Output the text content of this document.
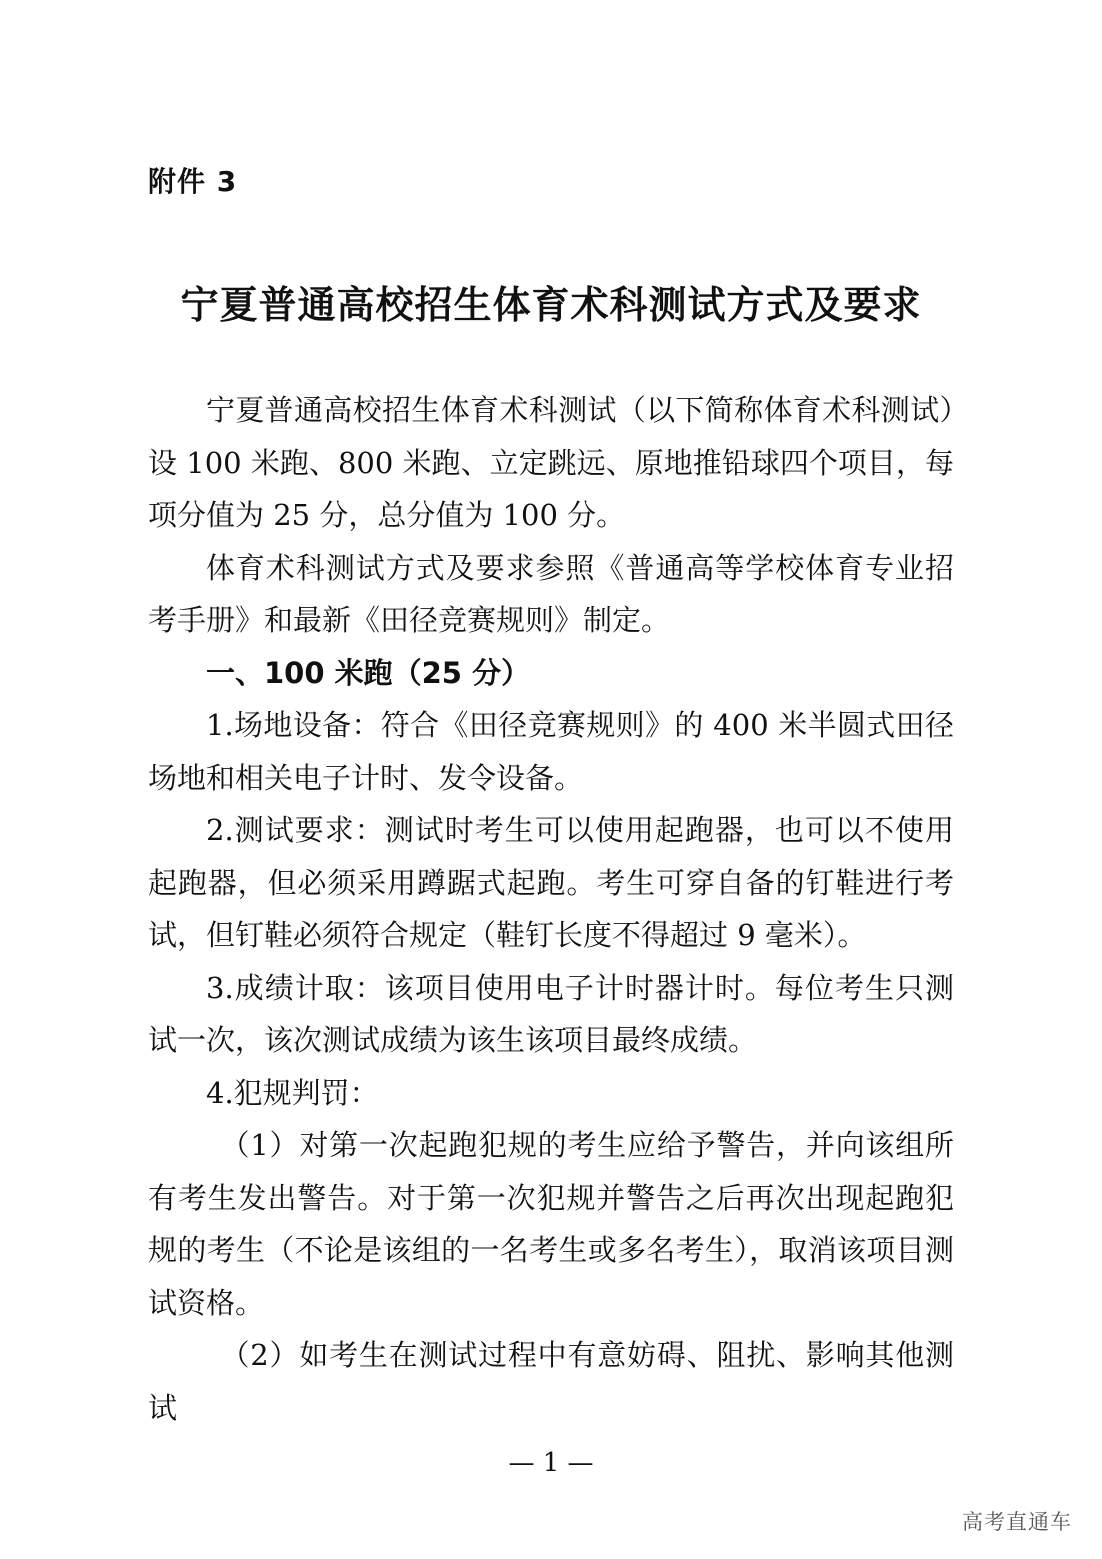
附件 3
宁夏普通高校招生体育术科测试方式及要求

宁夏普通高校招生体育术科测试（以下简称体育术科测试）设 100 米跑、800 米跑、立定跳远、原地推铅球四个项目，每项分值为 25 分，总分值为 100 分。

体育术科测试方式及要求参照《普通高等学校体育专业招考手册》和最新《田径竞赛规则》制定。

一、100 米跑（25 分）

1.场地设备：符合《田径竞赛规则》的 400 米半圆式田径场地和相关电子计时、发令设备。

2.测试要求：测试时考生可以使用起跑器，也可以不使用起跑器，但必须采用蹲踞式起跑。考生可穿自备的钉鞋进行考试，但钉鞋必须符合规定（鞋钉长度不得超过 9 毫米）。

3.成绩计取：该项目使用电子计时器计时。每位考生只测试一次，该次测试成绩为该生该项目最终成绩。

4.犯规判罚：

（1）对第一次起跑犯规的考生应给予警告，并向该组所有考生发出警告。对于第一次犯规并警告之后再次出现起跑犯规的考生（不论是该组的一名考生或多名考生），取消该项目测试资格。

（2）如考生在测试过程中有意妨碍、阻扰、影响其他测试

— 1 —
高考直通车
